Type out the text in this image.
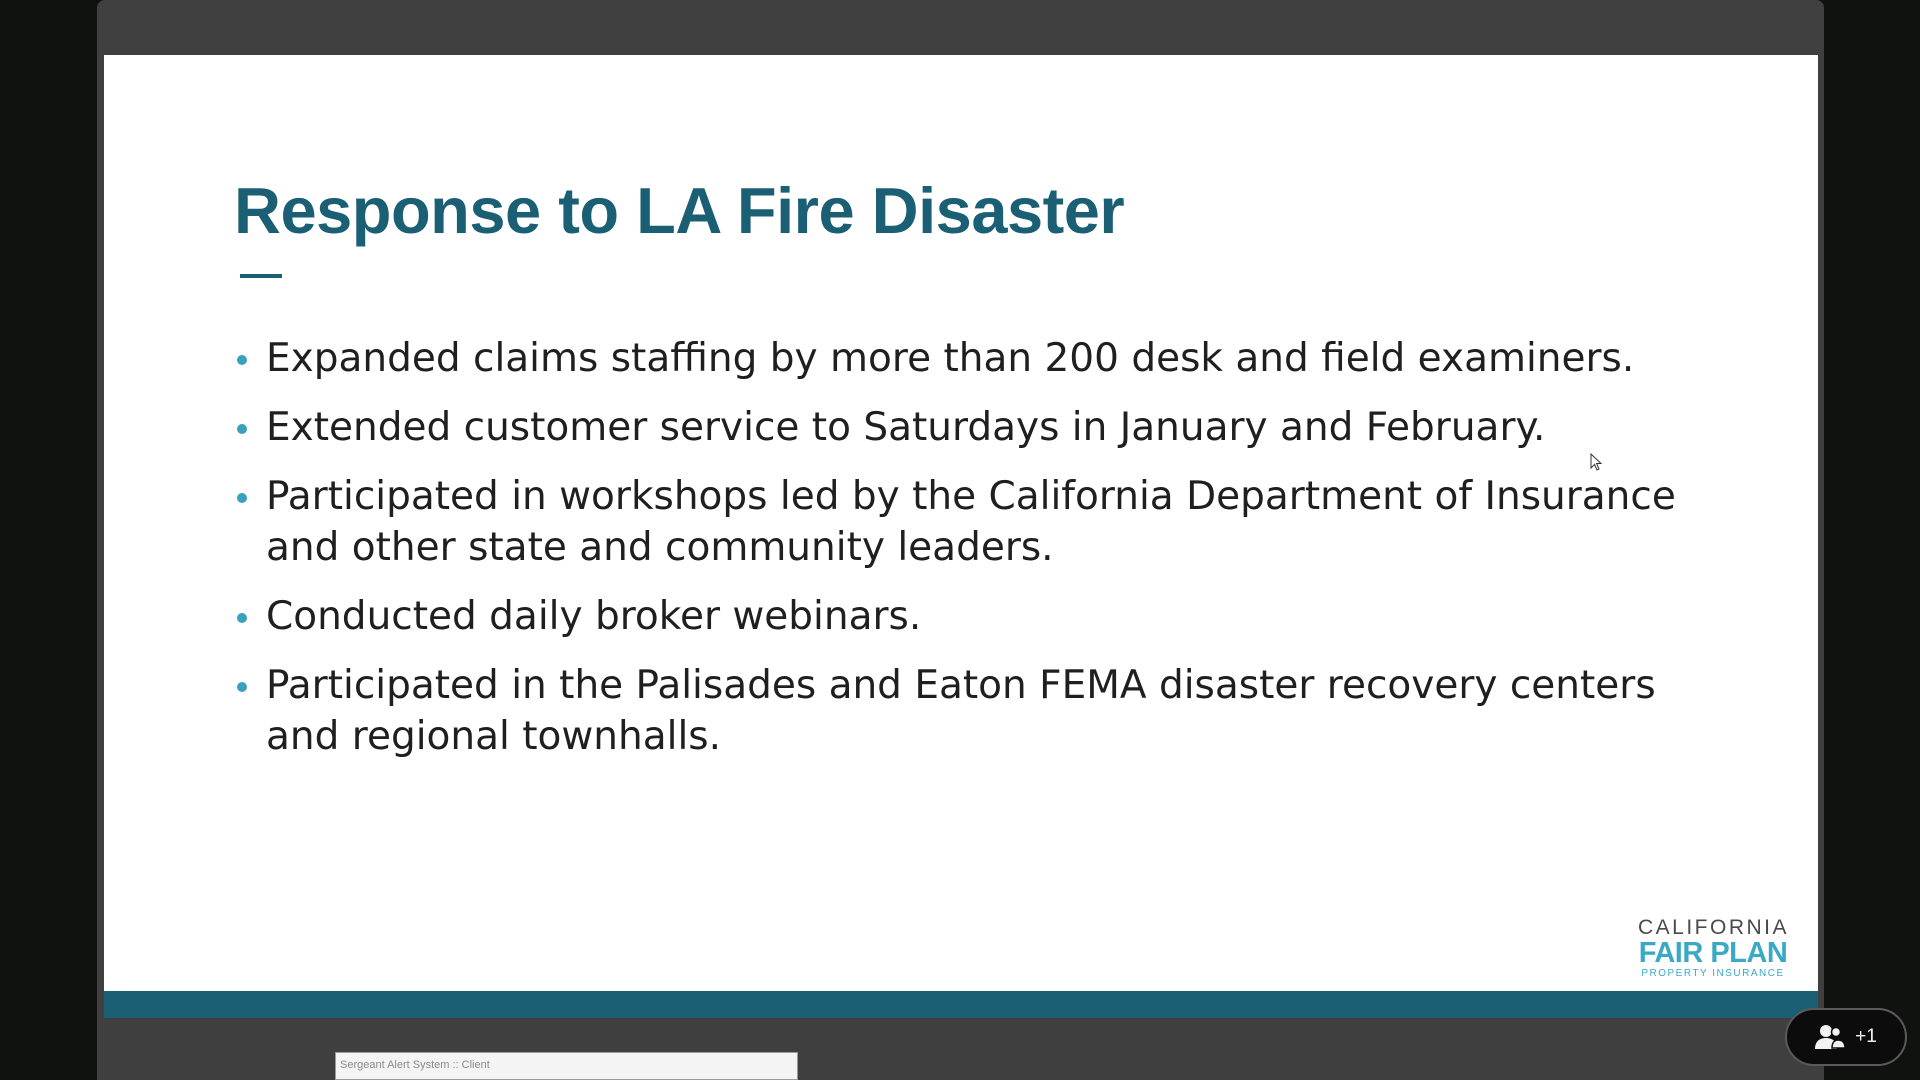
Response to LA Fire Disaster
Expanded claims staffing by more than 200 desk and field examiners.
Extended customer service to Saturdays in January and February.
Participated in workshops led by the California Department of Insurance and other state and community leaders.
Conducted daily broker webinars.
Participated in the Palisades and Eaton FEMA disaster recovery centers and regional townhalls.
CALIFORNIA
FAIR PLAN
PROPERTY INSURANCE
Sergeant Alert System :: Client
+1
